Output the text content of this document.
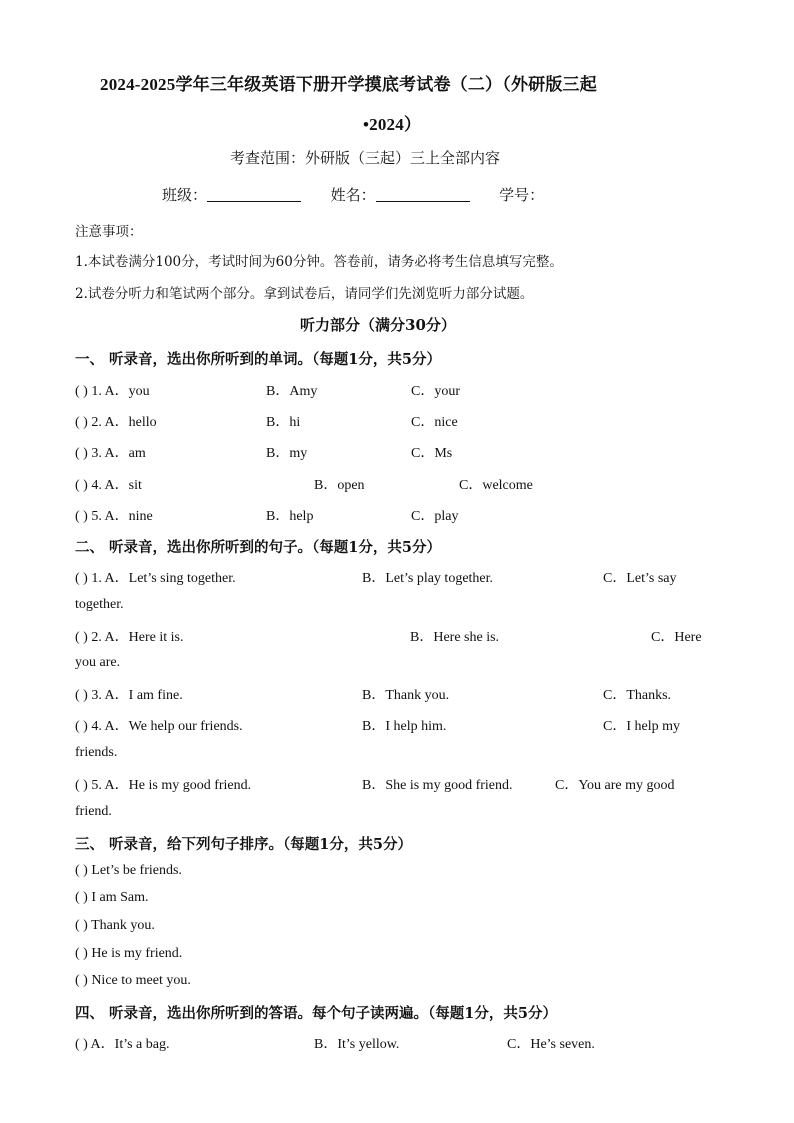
2024-2025学年三年级英语下册开学摸底考试卷（二）（外研版三起
•2024）
考查范围：外研版（三起）三上全部内容
班级：	姓名：	学号：
注意事项：
1.本试卷满分100分，考试时间为60分钟。答卷前，请务必将考生信息填写完整。
2.试卷分听力和笔试两个部分。拿到试卷后，请同学们先浏览听力部分试题。
听力部分（满分30分）
一、 听录音，选出你所听到的单词。（每题1分，共5分）
( ) 1. A．you	B．Amy	C．your
( ) 2. A．hello	B．hi	C．nice
( ) 3. A．am	B．my	C．Ms
( ) 4. A．sit	B．open	C．welcome
( ) 5. A．nine	B．help	C．play
二、 听录音，选出你所听到的句子。（每题1分，共5分）
( ) 1. A．Let’s sing together.	B．Let’s play together.	C．Let’s say
together.
( ) 2. A．Here it is.	B．Here she is.	C．Here
you are.
( ) 3. A．I am fine.	B．Thank you.	C．Thanks.
( ) 4. A．We help our friends.	B．I help him.	C．I help my
friends.
( ) 5. A．He is my good friend.	B．She is my good friend.	C．You are my good
friend.
三、 听录音，给下列句子排序。（每题1分，共5分）
( ) Let’s be friends.
( ) I am Sam.
( ) Thank you.
( ) He is my friend.
( ) Nice to meet you.
四、 听录音，选出你所听到的答语。每个句子读两遍。（每题1分，共5分）
( ) A．It’s a bag.	B．It’s yellow.	C．He’s seven.
